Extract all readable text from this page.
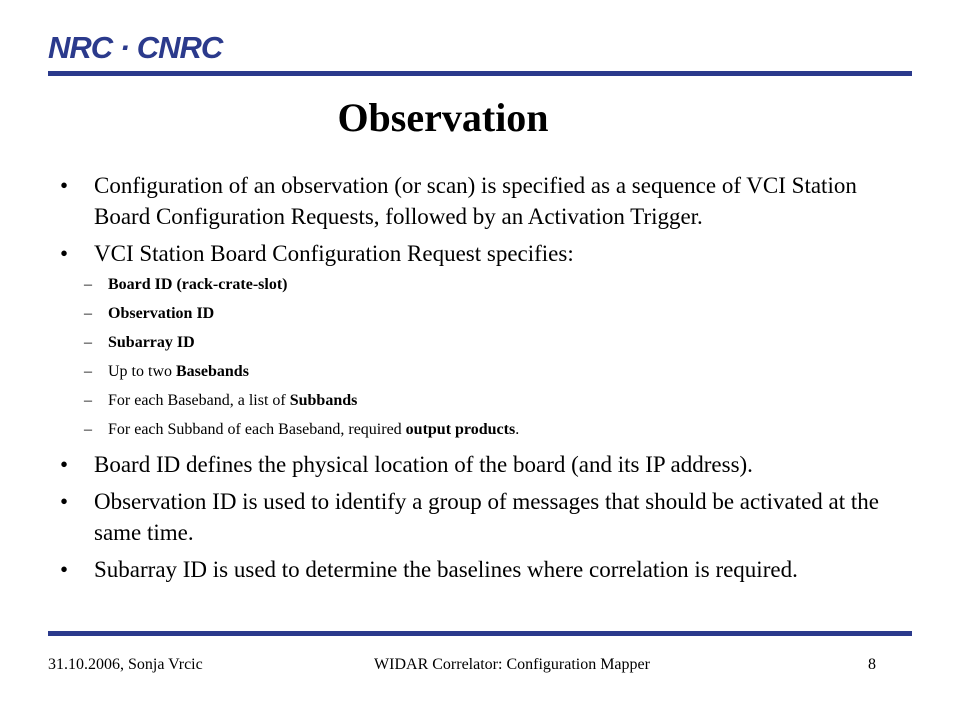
NRC · CNRC
Observation
• Configuration of an observation (or scan) is specified as a sequence of VCI Station Board Configuration Requests, followed by an Activation Trigger.
• VCI Station Board Configuration Request specifies:
– Board ID (rack-crate-slot)
– Observation ID
– Subarray ID
– Up to two Basebands
– For each Baseband, a list of Subbands
– For each Subband of each Baseband, required output products.
• Board ID defines the physical location of the board (and its IP address).
• Observation ID is used to identify a group of messages that should be activated at the same time.
• Subarray ID is used to determine the baselines where correlation is required.
31.10.2006, Sonja Vrcic	WIDAR Correlator: Configuration Mapper	8
